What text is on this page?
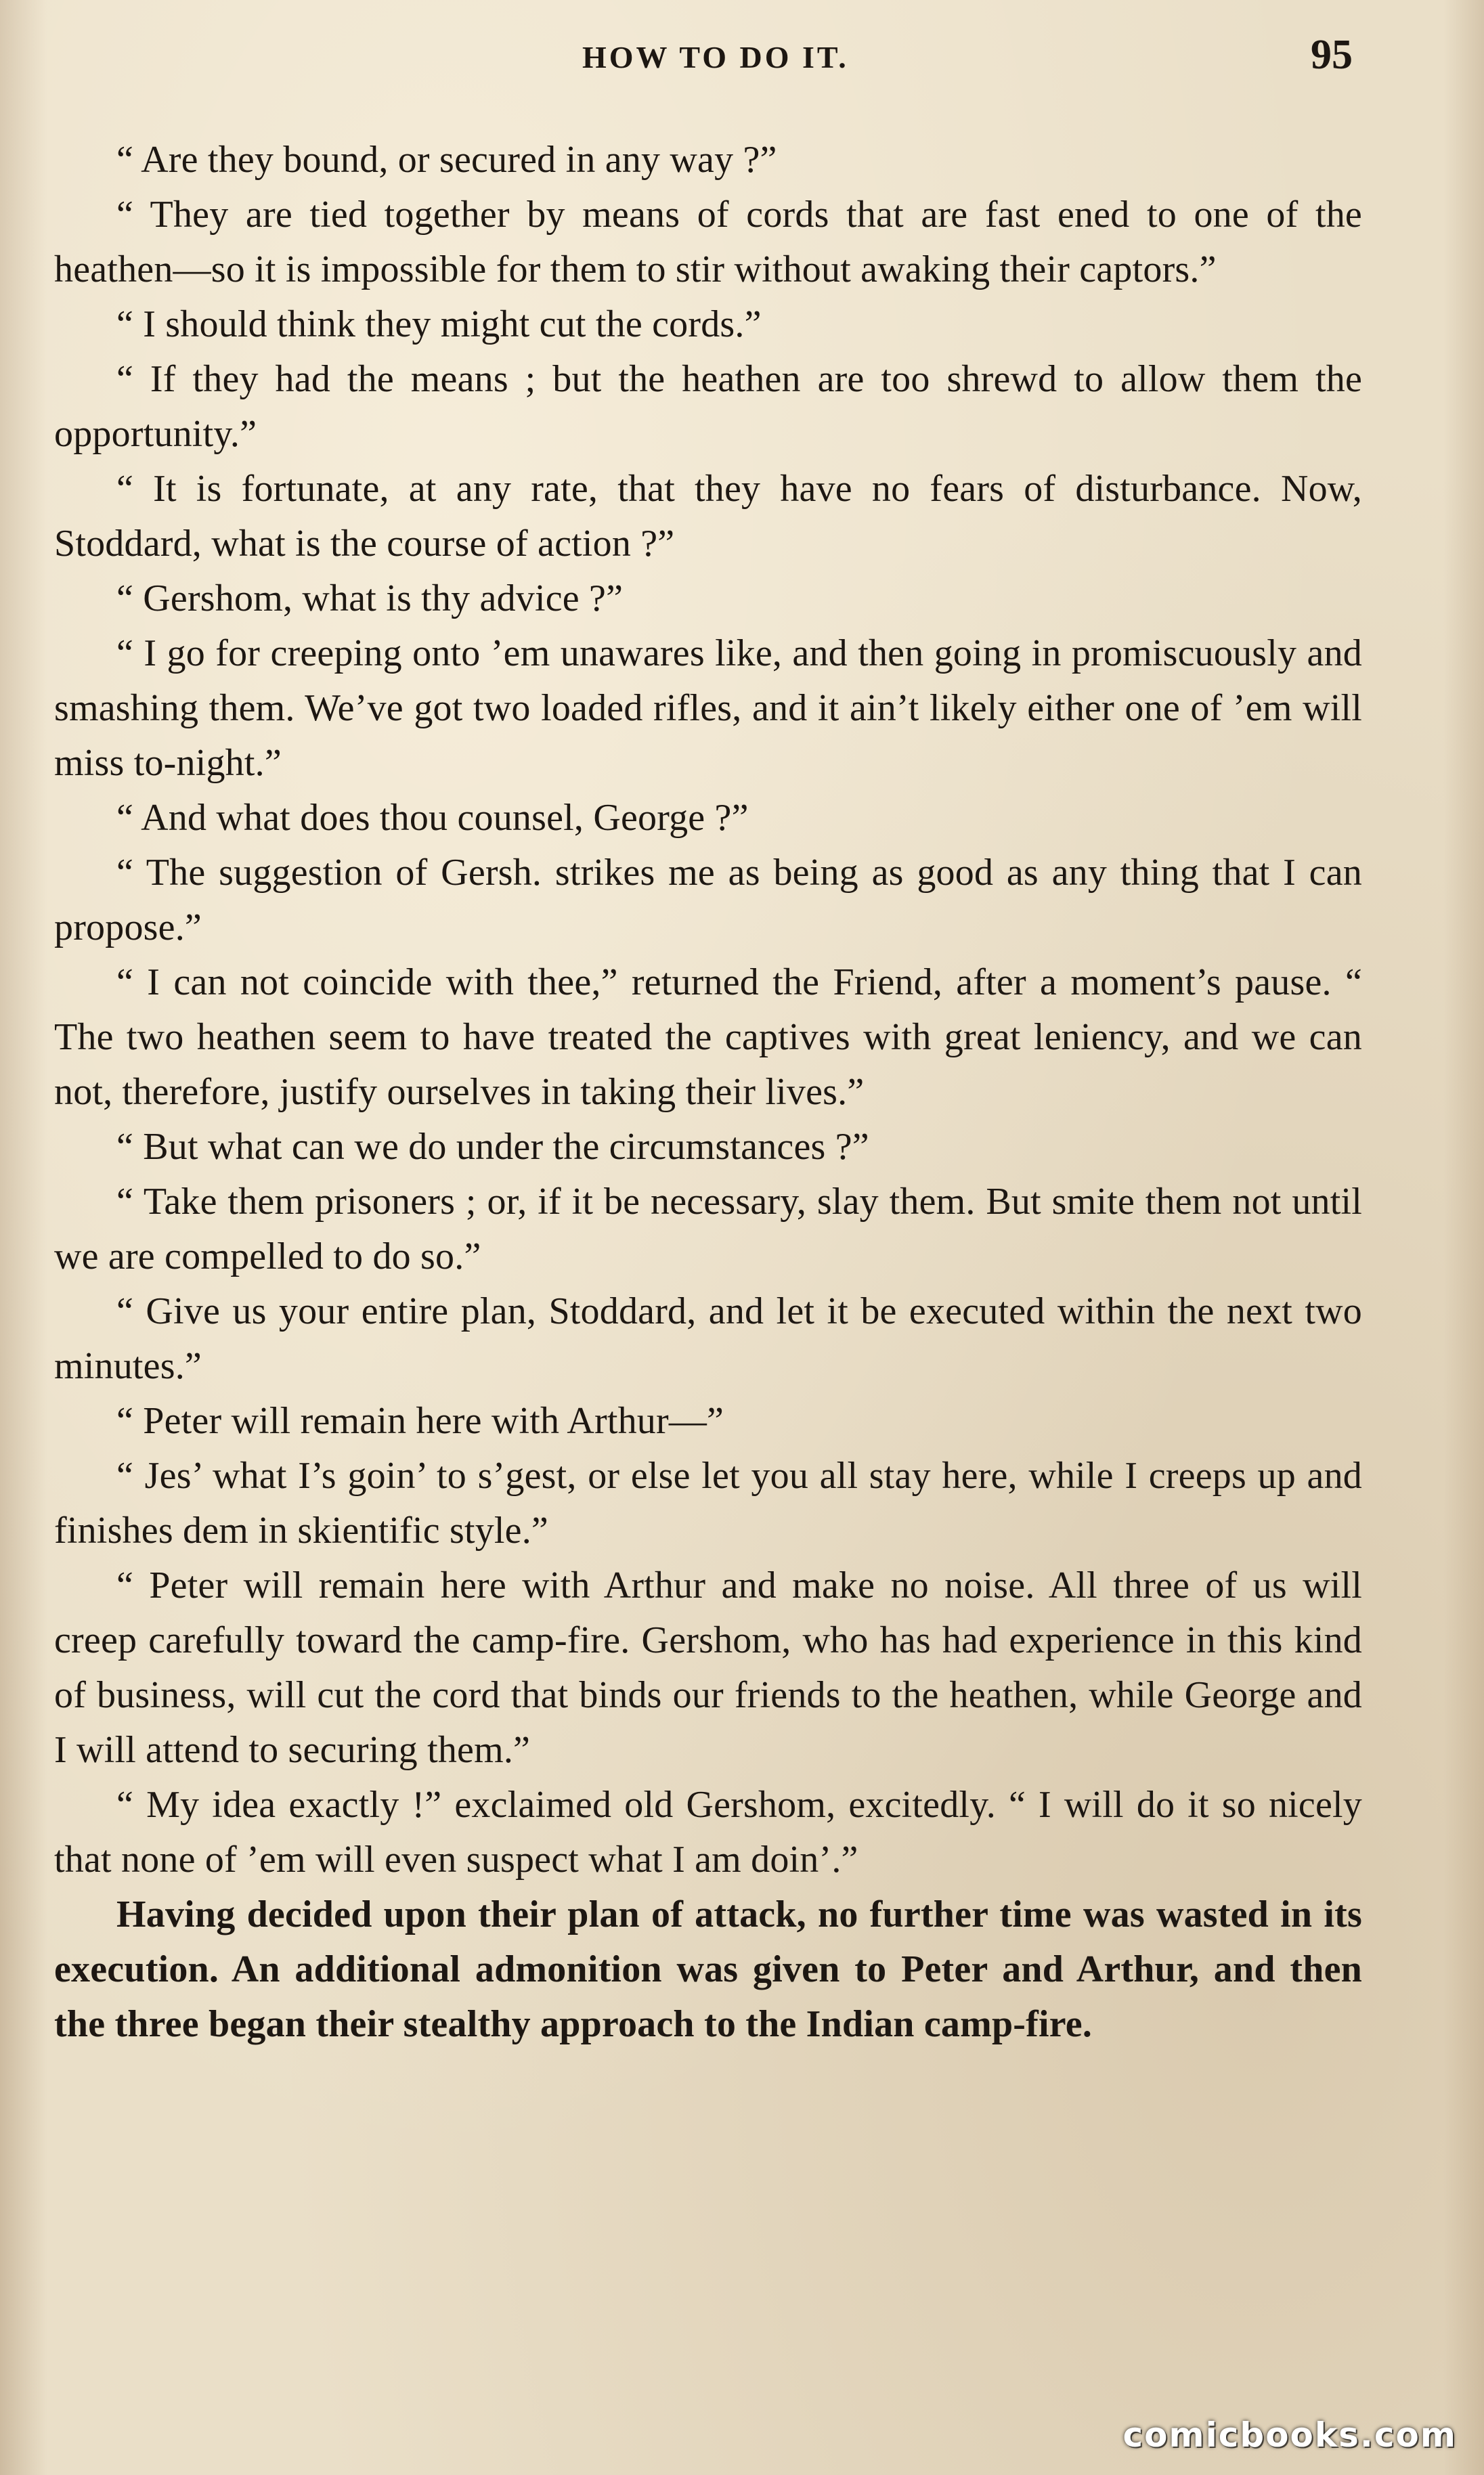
HOW TO DO IT.	95

“ Are they bound, or secured in any way ?”

“ They are tied together by means of cords that are fast ened to one of the heathen—so it is impossible for them to stir without awaking their captors.”

“ I should think they might cut the cords.”

“ If they had the means ; but the heathen are too shrewd to allow them the opportunity.”

“ It is fortunate, at any rate, that they have no fears of disturbance. Now, Stoddard, what is the course of action ?”

“ Gershom, what is thy advice ?”

“ I go for creeping onto ’em unawares like, and then going in promiscuously and smashing them. We’ve got two loaded rifles, and it ain’t likely either one of ’em will miss to-night.”

“ And what does thou counsel, George ?”

“ The suggestion of Gersh. strikes me as being as good as any thing that I can propose.”

“ I can not coincide with thee,” returned the Friend, after a moment’s pause. “ The two heathen seem to have treated the captives with great leniency, and we can not, therefore, justify ourselves in taking their lives.”

“ But what can we do under the circumstances ?”

“ Take them prisoners ; or, if it be necessary, slay them. But smite them not until we are compelled to do so.”

“ Give us your entire plan, Stoddard, and let it be executed within the next two minutes.”

“ Peter will remain here with Arthur—”

“ Jes’ what I’s goin’ to s’gest, or else let you all stay here, while I creeps up and finishes dem in skientific style.”

“ Peter will remain here with Arthur and make no noise. All three of us will creep carefully toward the camp-fire. Gershom, who has had experience in this kind of business, will cut the cord that binds our friends to the heathen, while George and I will attend to securing them.”

“ My idea exactly !” exclaimed old Gershom, excitedly. “ I will do it so nicely that none of ’em will even suspect what I am doin’.”

Having decided upon their plan of attack, no further time was wasted in its execution. An additional admonition was given to Peter and Arthur, and then the three began their stealthy approach to the Indian camp-fire.

comicbooks.com
